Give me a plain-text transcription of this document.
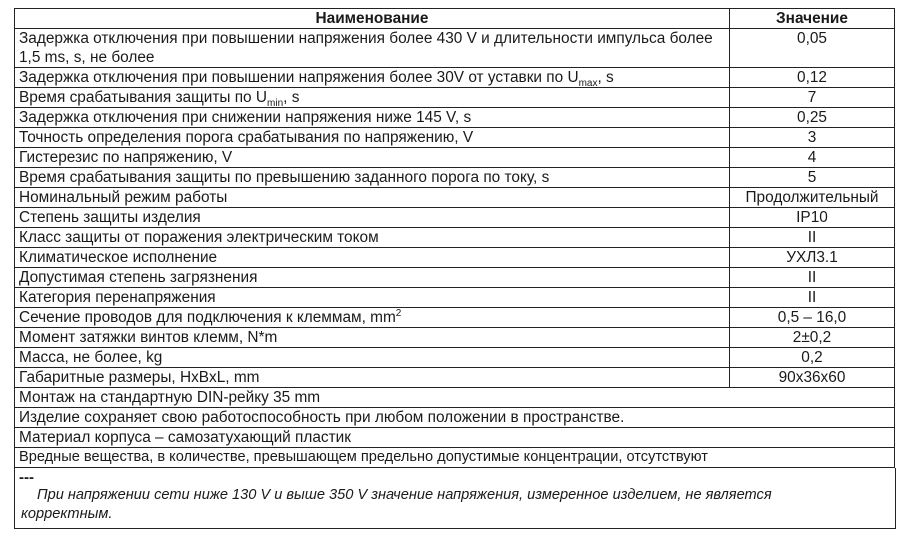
Наименование	Значение
Задержка отключения при повышении напряжения более 430 V и длительности импульса более 1,5 ms, s, не более	0,05
Задержка отключения при повышении напряжения более 30V от уставки по $U_{max}$, s	0,12
Время срабатывания защиты по $U_{min}$, s	7
Задержка отключения при снижении напряжения ниже 145 V, s	0,25
Точность определения порога срабатывания по напряжению, V	3
Гистерезис по напряжению, V	4
Время срабатывания защиты по превышению заданного порога по току, s	5
Номинальный режим работы	Продолжительный
Степень защиты изделия	IP10
Класс защиты от поражения электрическим током	II
Климатическое исполнение	УХЛ3.1
Допустимая степень загрязнения	II
Категория перенапряжения	II
Сечение проводов для подключения к клеммам, $mm^2$	0,5 – 16,0
Момент затяжки винтов клемм, N*m	2±0,2
Масса, не более, kg	0,2
Габаритные размеры, HxBxL, mm	90x36x60
Монтаж на стандартную DIN-рейку 35 mm	
Изделие сохраняет свою работоспособность при любом положении в пространстве.	
Материал корпуса – самозатухающий пластик	
Вредные вещества, в количестве, превышающем предельно допустимые концентрации, отсутствуют	
---
При напряжении сети ниже 130 V и выше 350 V значение напряжения, измеренное изделием, не является
корректным.
